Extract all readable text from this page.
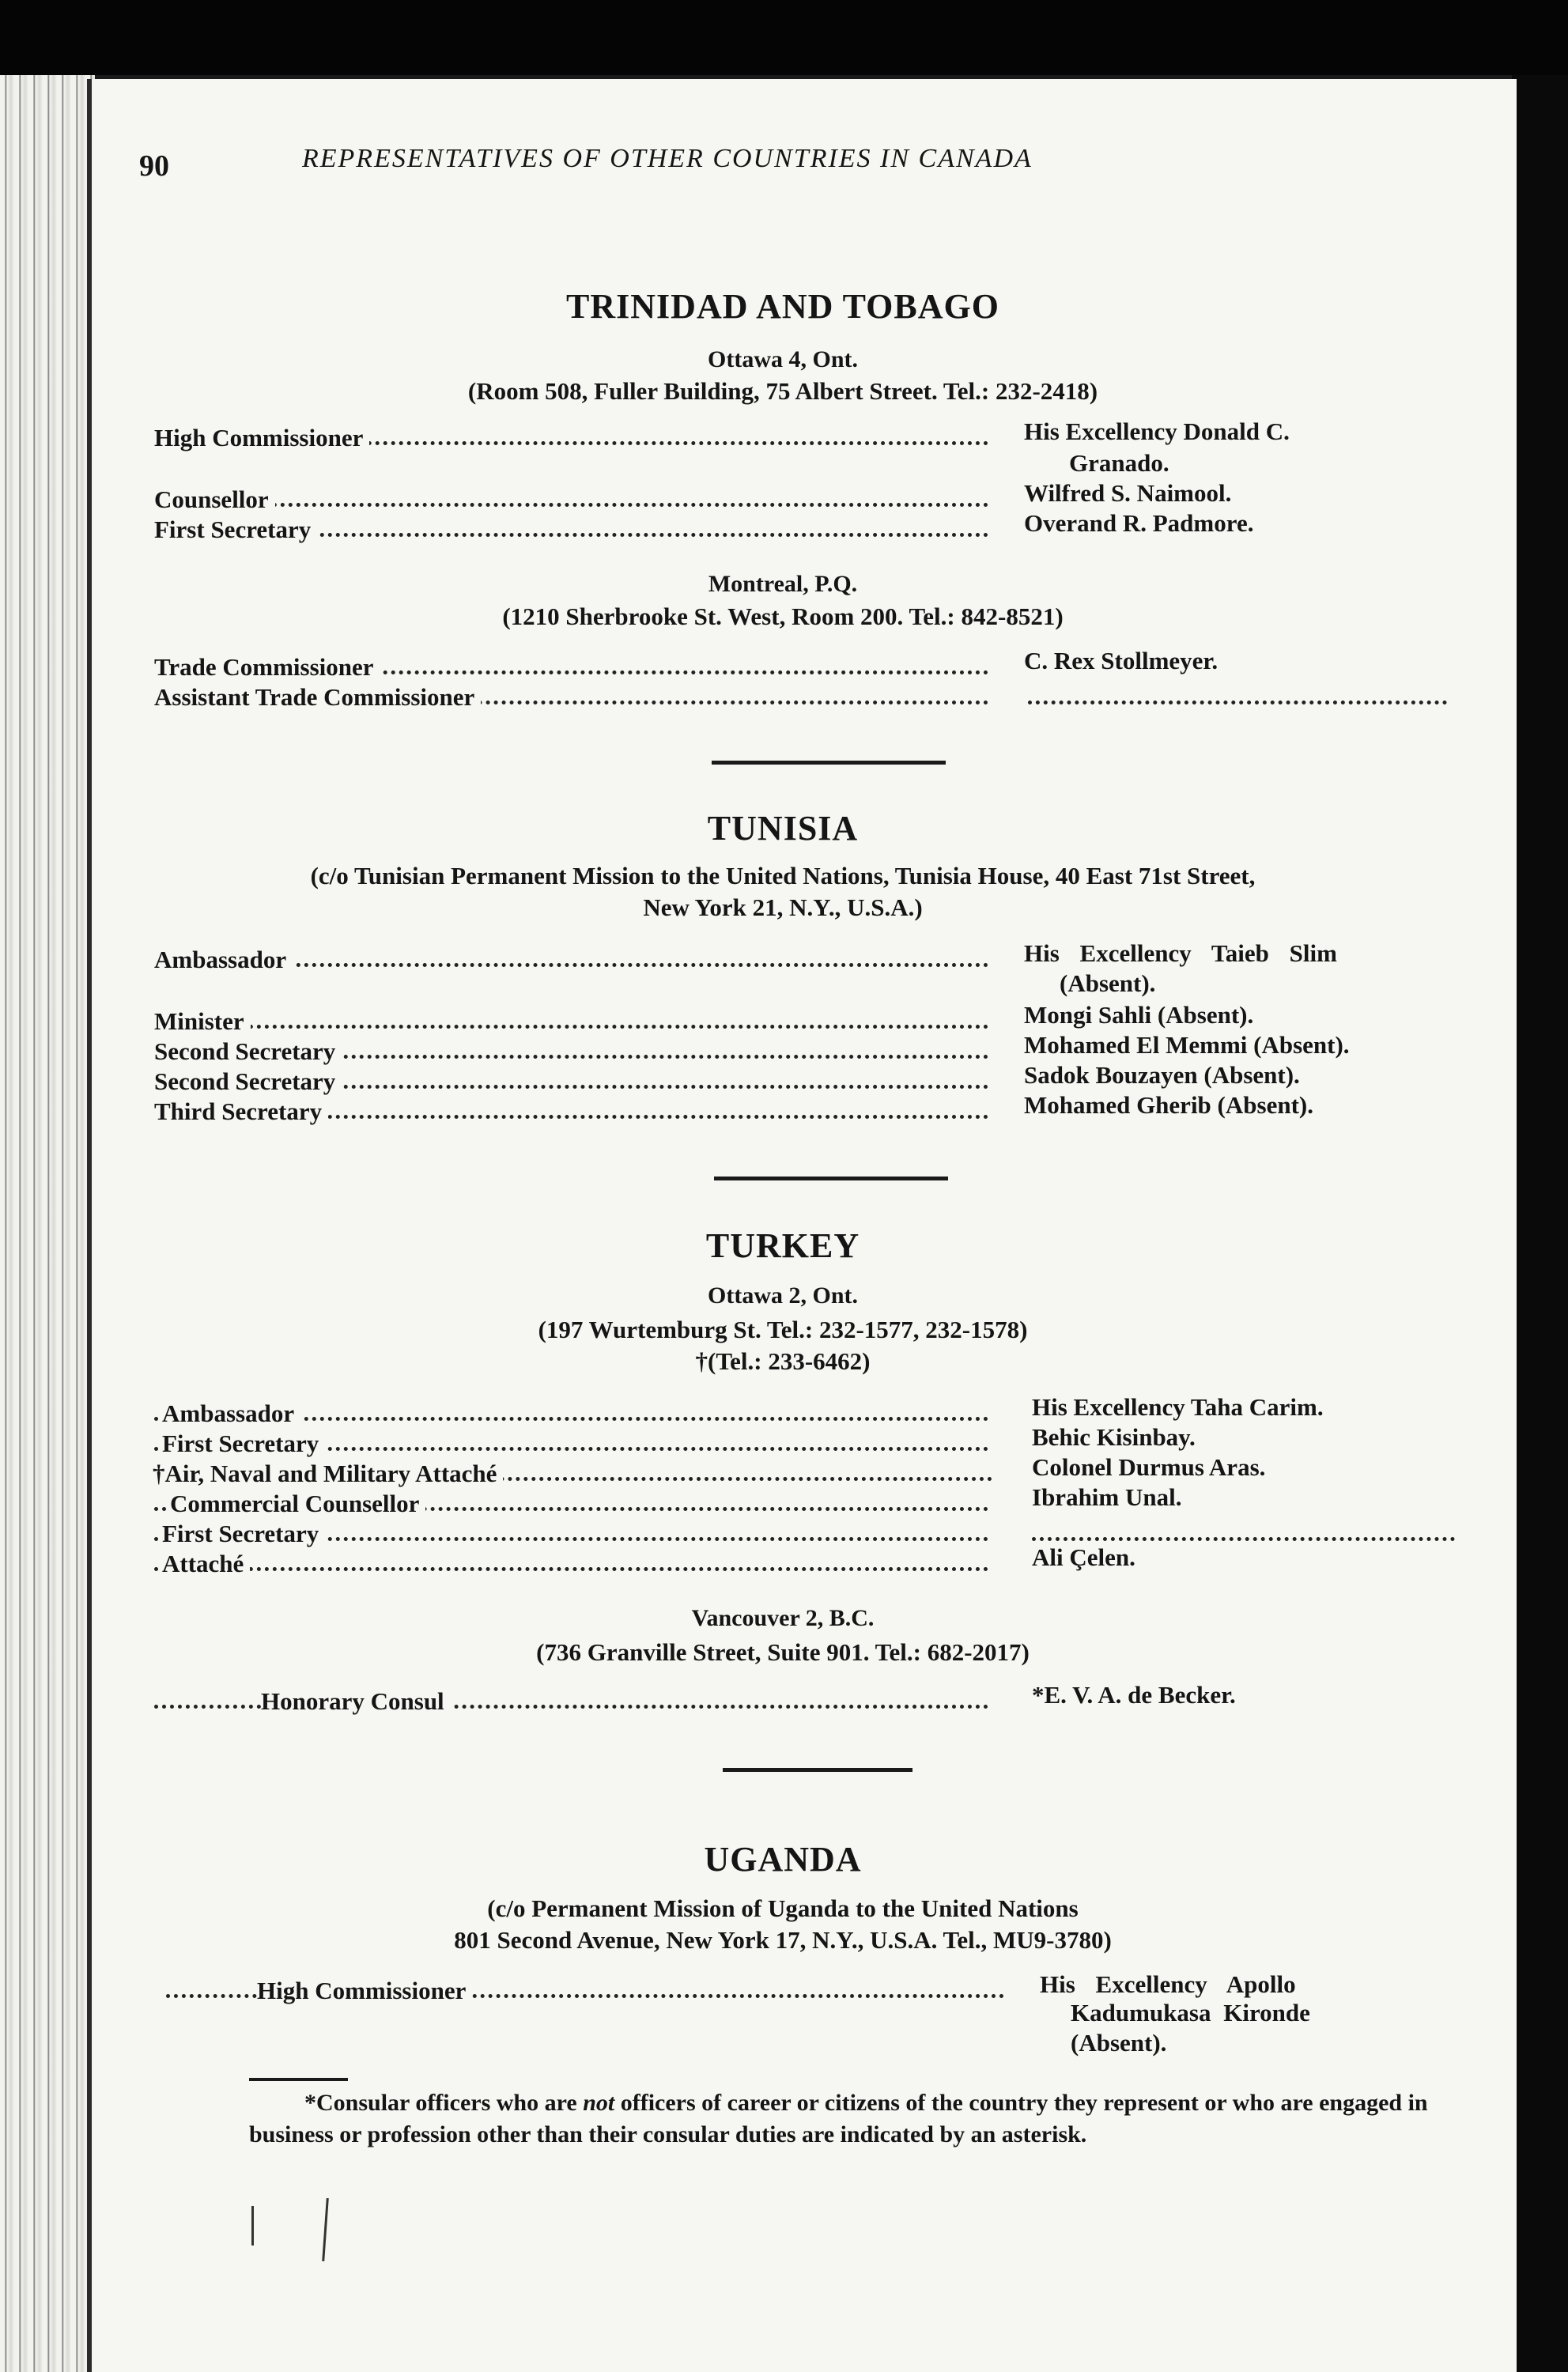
90	REPRESENTATIVES OF OTHER COUNTRIES IN CANADA
TRINIDAD AND TOBAGO
Ottawa 4, Ont.
(Room 508, Fuller Building, 75 Albert Street. Tel.: 232-2418)
High Commissioner	His Excellency Donald C.
Granado.
Counsellor	Wilfred S. Naimool.
First Secretary	Overand R. Padmore.
Montreal, P.Q.
(1210 Sherbrooke St. West, Room 200. Tel.: 842-8521)
Trade Commissioner	C. Rex Stollmeyer.
Assistant Trade Commissioner
TUNISIA
(c/o Tunisian Permanent Mission to the United Nations, Tunisia House, 40 East 71st Street,
New York 21, N.Y., U.S.A.)
Ambassador	His Excellency Taieb Slim
(Absent).
Minister	Mongi Sahli (Absent).
Second Secretary	Mohamed El Memmi (Absent).
Second Secretary	Sadok Bouzayen (Absent).
Third Secretary	Mohamed Gherib (Absent).
TURKEY
Ottawa 2, Ont.
(197 Wurtemburg St. Tel.: 232-1577, 232-1578)
†(Tel.: 233-6462)
Ambassador	His Excellency Taha Carim.
First Secretary	Behic Kisinbay.
†Air, Naval and Military Attaché	Colonel Durmus Aras.
Commercial Counsellor	Ibrahim Unal.
First Secretary
Attaché	Ali Çelen.
Vancouver 2, B.C.
(736 Granville Street, Suite 901. Tel.: 682-2017)
Honorary Consul	*E. V. A. de Becker.
UGANDA
(c/o Permanent Mission of Uganda to the United Nations
801 Second Avenue, New York 17, N.Y., U.S.A. Tel., MU9-3780)
High Commissioner	His Excellency Apollo
Kadumukasa Kironde
(Absent).
*Consular officers who are not officers of career or citizens of the country they represent or who are engaged in business or profession other than their consular duties are indicated by an asterisk.
